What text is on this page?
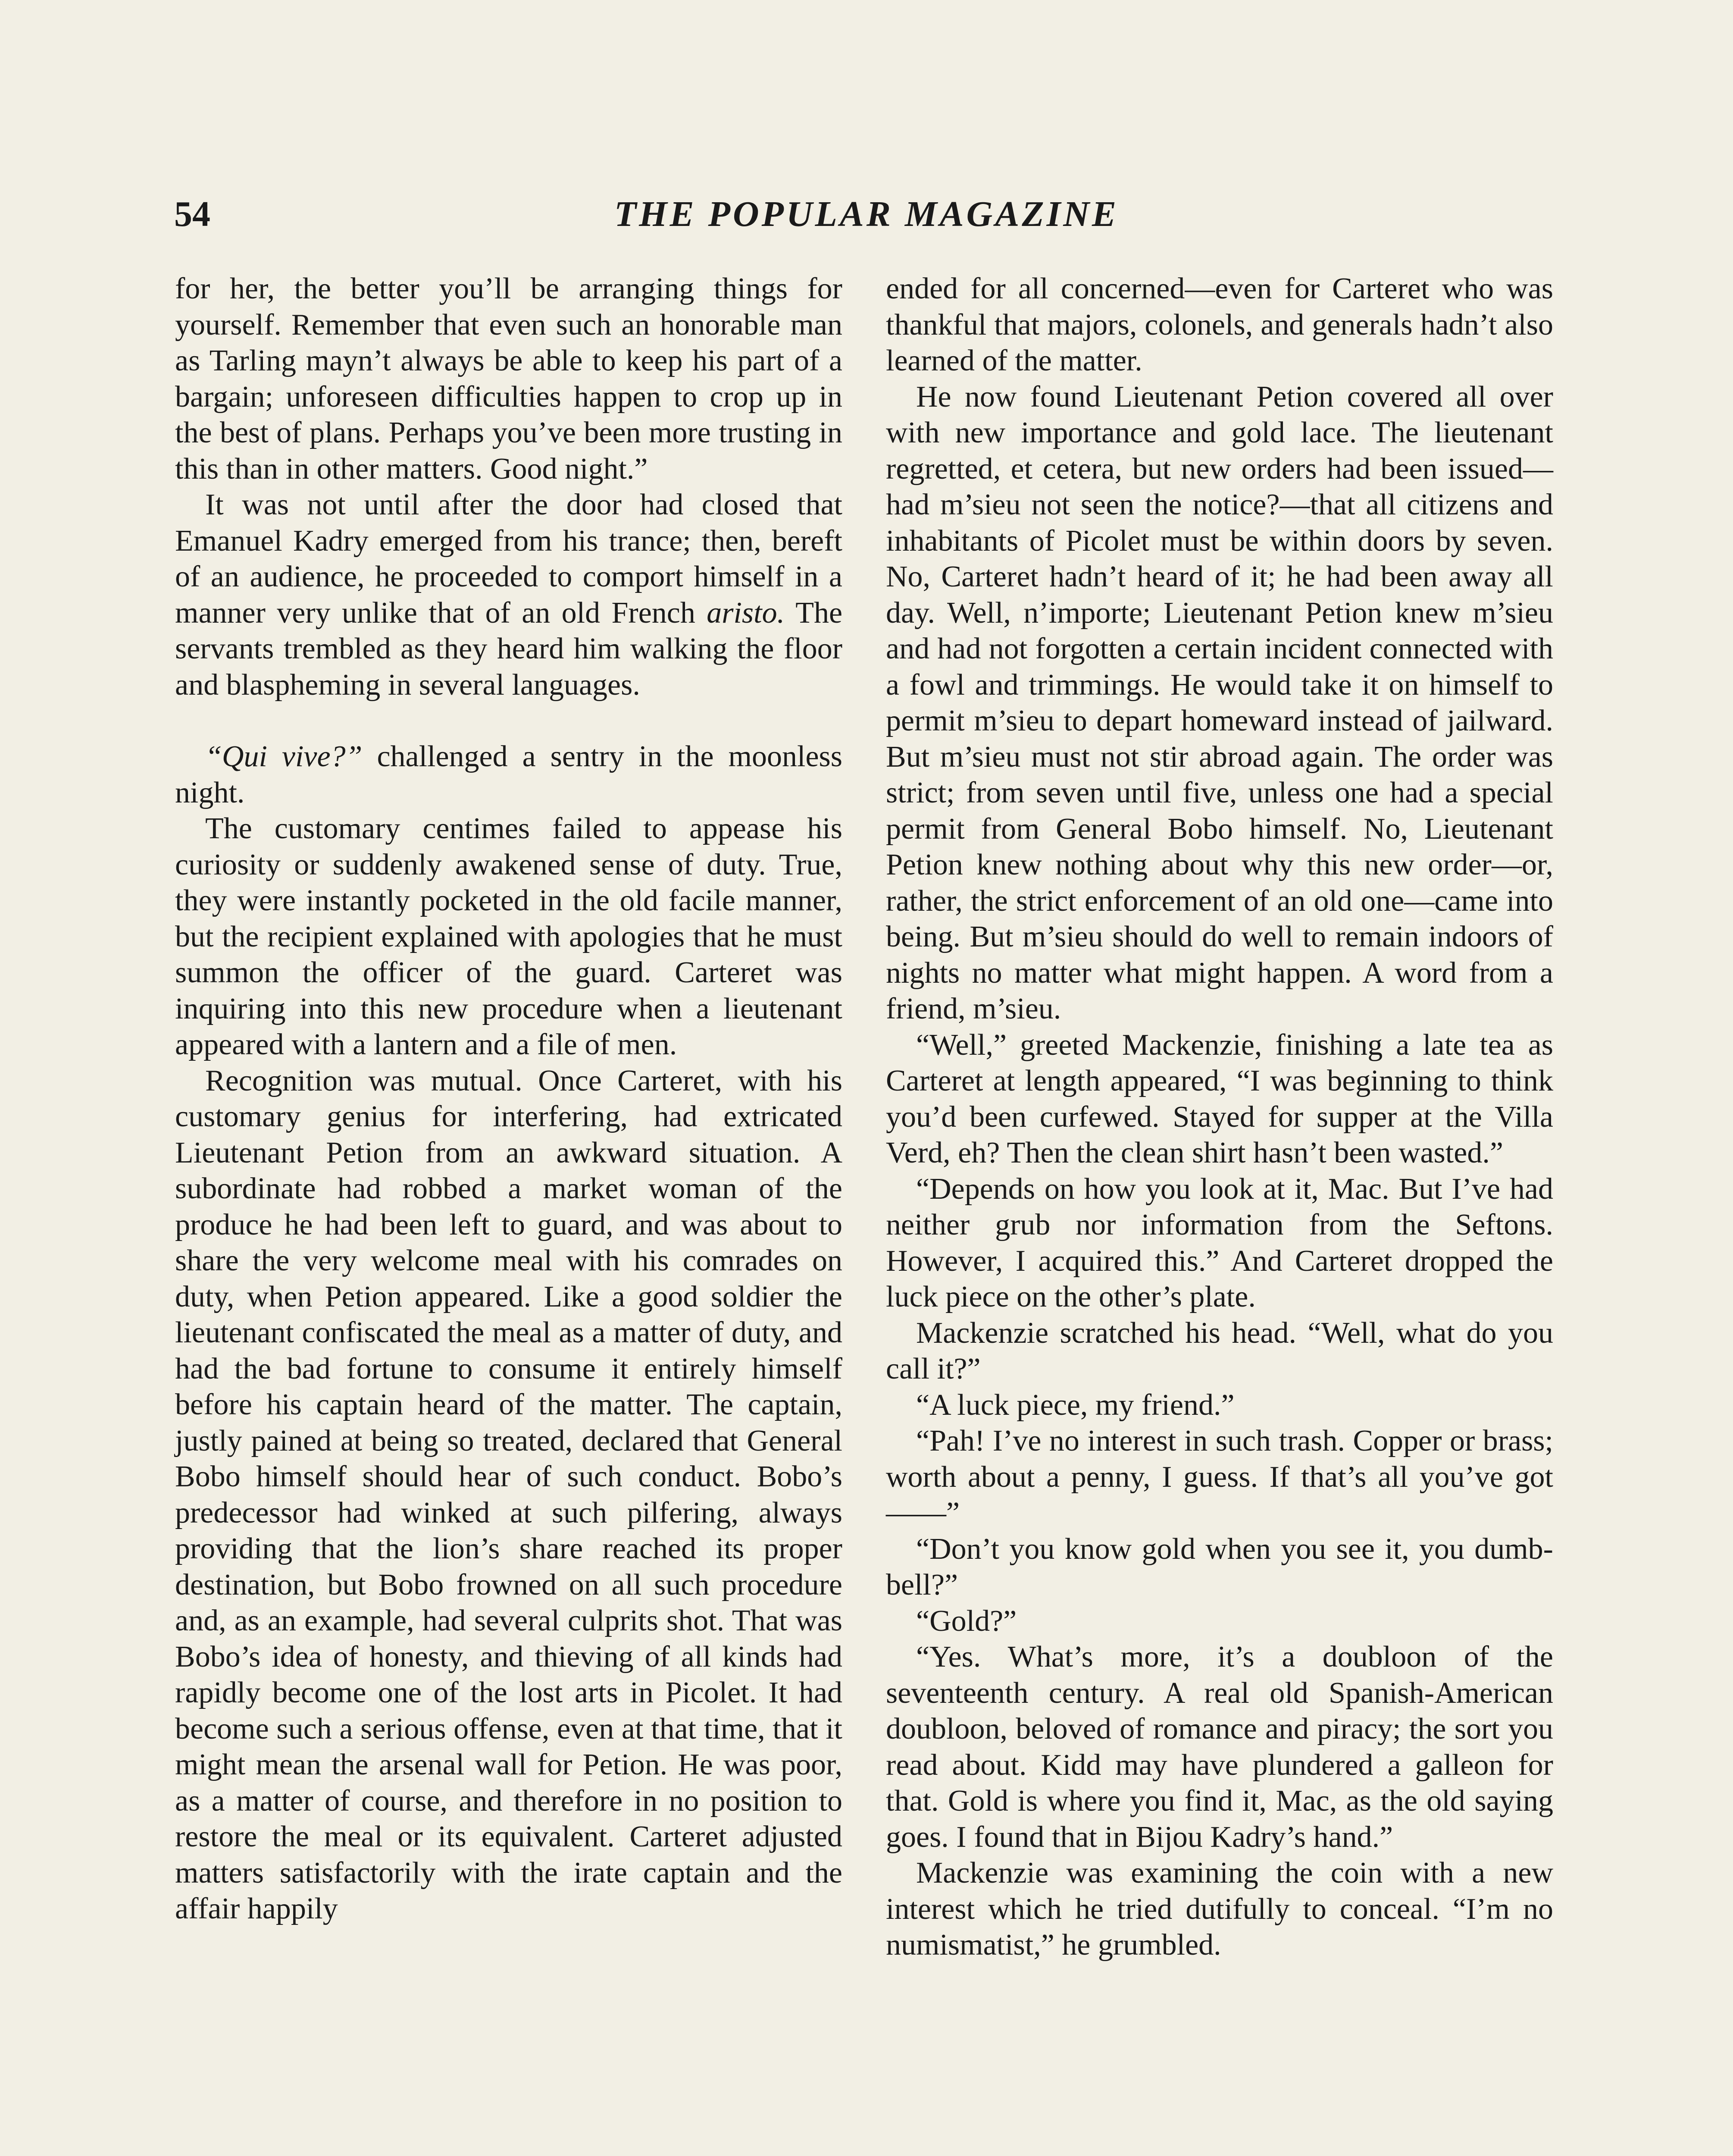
54	THE POPULAR MAGAZINE

for her, the better you’ll be arranging things for yourself. Remember that even such an honorable man as Tarling mayn’t always be able to keep his part of a bargain; unforeseen difficulties happen to crop up in the best of plans. Perhaps you’ve been more trusting in this than in other matters. Good night.”

It was not until after the door had closed that Emanuel Kadry emerged from his trance; then, bereft of an audience, he proceeded to comport himself in a manner very unlike that of an old French aristo. The servants trembled as they heard him walking the floor and blaspheming in several languages.

“Qui vive?” challenged a sentry in the moonless night.

The customary centimes failed to appease his curiosity or suddenly awakened sense of duty. True, they were instantly pocketed in the old facile manner, but the recipient explained with apologies that he must summon the officer of the guard. Carteret was inquiring into this new procedure when a lieutenant appeared with a lantern and a file of men.

Recognition was mutual. Once Carteret, with his customary genius for interfering, had extricated Lieutenant Petion from an awkward situation. A subordinate had robbed a market woman of the produce he had been left to guard, and was about to share the very welcome meal with his comrades on duty, when Petion appeared. Like a good soldier the lieutenant confiscated the meal as a matter of duty, and had the bad fortune to consume it entirely himself before his captain heard of the matter. The captain, justly pained at being so treated, declared that General Bobo himself should hear of such conduct. Bobo’s predecessor had winked at such pilfering, always providing that the lion’s share reached its proper destination, but Bobo frowned on all such procedure and, as an example, had several culprits shot. That was Bobo’s idea of honesty, and thieving of all kinds had rapidly become one of the lost arts in Picolet. It had become such a serious offense, even at that time, that it might mean the arsenal wall for Petion. He was poor, as a matter of course, and therefore in no position to restore the meal or its equivalent. Carteret adjusted matters satisfactorily with the irate captain and the affair happily

ended for all concerned—even for Carteret who was thankful that majors, colonels, and generals hadn’t also learned of the matter.

He now found Lieutenant Petion covered all over with new importance and gold lace. The lieutenant regretted, et cetera, but new orders had been issued—had m’sieu not seen the notice?—that all citizens and inhabitants of Picolet must be within doors by seven. No, Carteret hadn’t heard of it; he had been away all day. Well, n’importe; Lieutenant Petion knew m’sieu and had not forgotten a certain incident connected with a fowl and trimmings. He would take it on himself to permit m’sieu to depart homeward instead of jailward. But m’sieu must not stir abroad again. The order was strict; from seven until five, unless one had a special permit from General Bobo himself. No, Lieutenant Petion knew nothing about why this new order—or, rather, the strict enforcement of an old one—came into being. But m’sieu should do well to remain indoors of nights no matter what might happen. A word from a friend, m’sieu.

“Well,” greeted Mackenzie, finishing a late tea as Carteret at length appeared, “I was beginning to think you’d been curfewed. Stayed for supper at the Villa Verd, eh? Then the clean shirt hasn’t been wasted.”

“Depends on how you look at it, Mac. But I’ve had neither grub nor information from the Seftons. However, I acquired this.” And Carteret dropped the luck piece on the other’s plate.

Mackenzie scratched his head. “Well, what do you call it?”

“A luck piece, my friend.”

“Pah! I’ve no interest in such trash. Copper or brass; worth about a penny, I guess. If that’s all you’ve got——”

“Don’t you know gold when you see it, you dumb-bell?”

“Gold?”

“Yes. What’s more, it’s a doubloon of the seventeenth century. A real old Spanish-American doubloon, beloved of romance and piracy; the sort you read about. Kidd may have plundered a galleon for that. Gold is where you find it, Mac, as the old saying goes. I found that in Bijou Kadry’s hand.”

Mackenzie was examining the coin with a new interest which he tried dutifully to conceal. “I’m no numismatist,” he grumbled.
